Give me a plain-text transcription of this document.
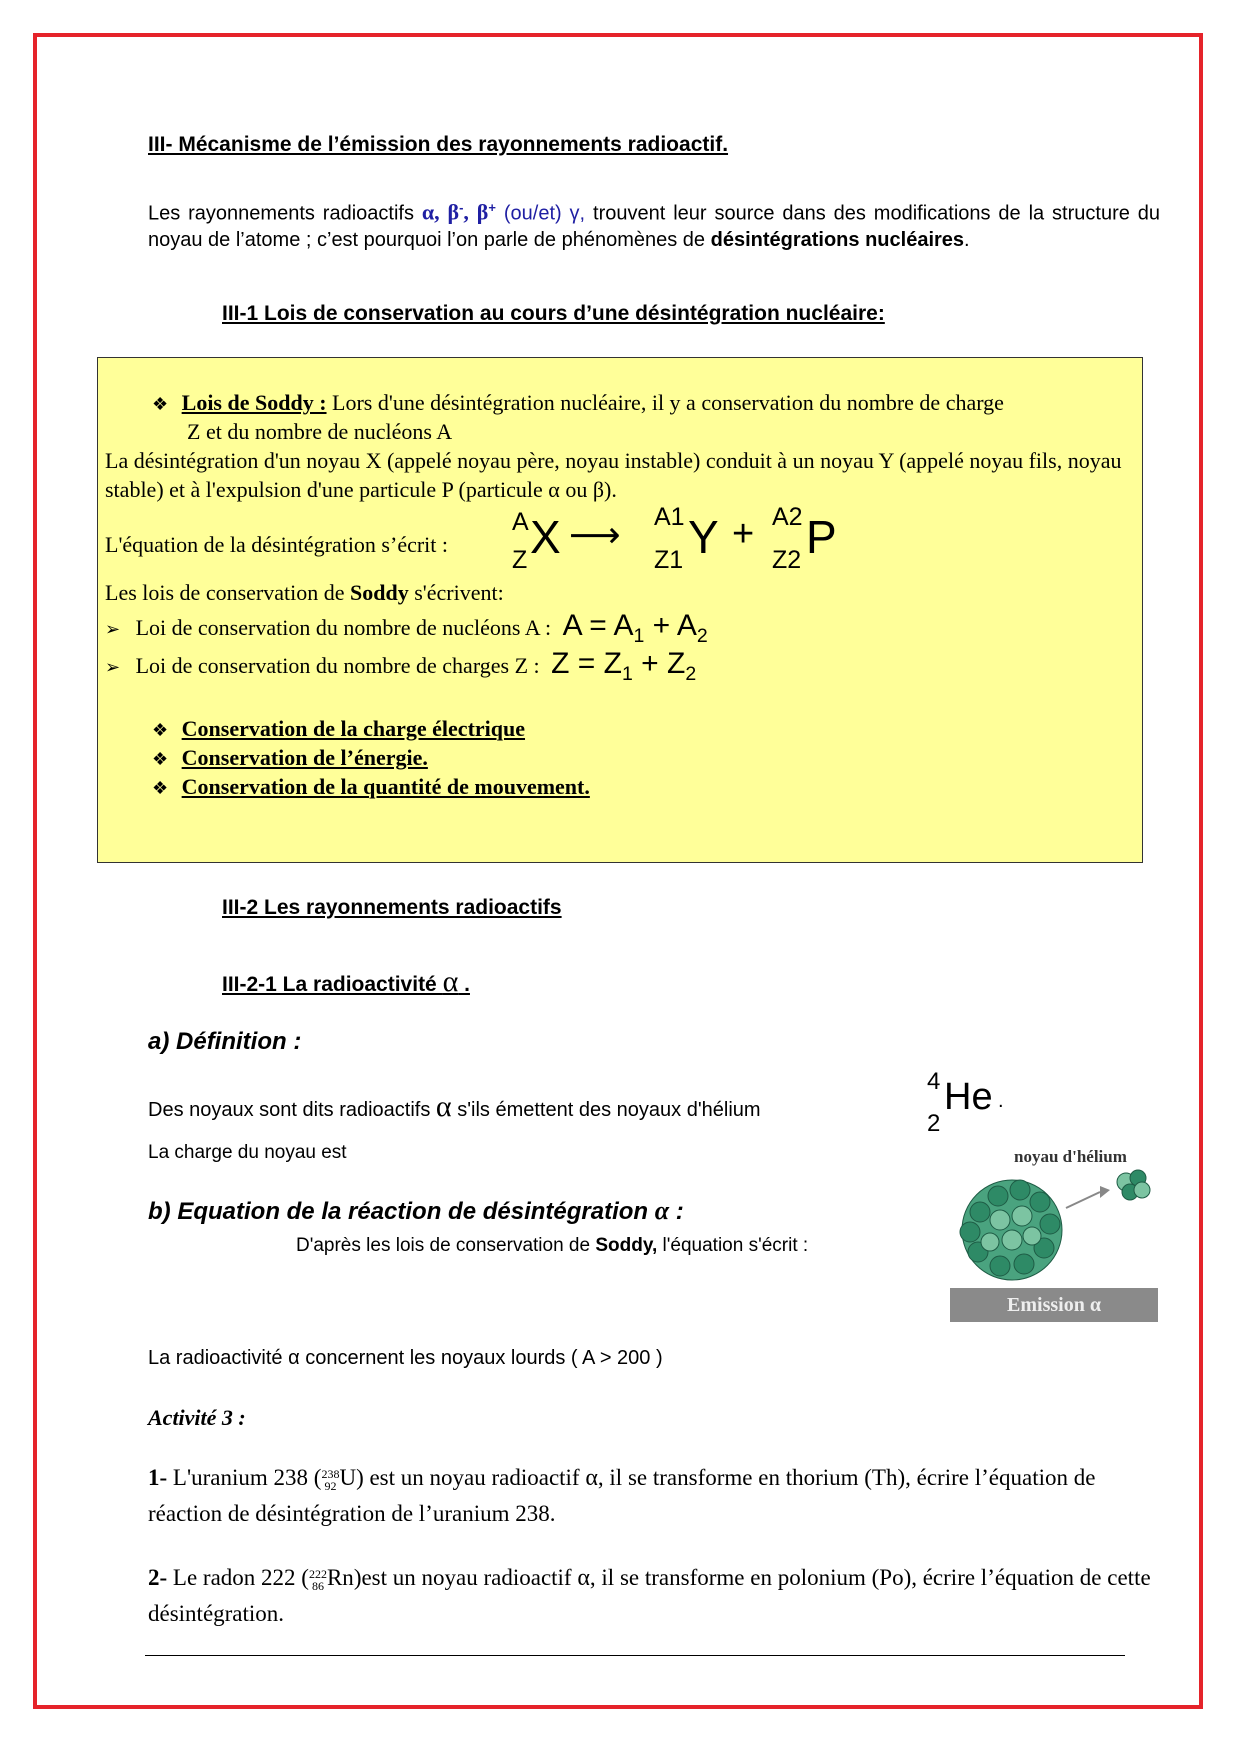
III- Mécanisme de l’émission des rayonnements radioactif.
Les rayonnements radioactifs α, β-, β+ (ou/et) γ, trouvent leur source dans des modifications de la structure du noyau de l’atome ; c’est pourquoi l’on parle de phénomènes de désintégrations nucléaires.
III-1 Lois de conservation au cours d’une désintégration nucléaire:
❖ Lois de Soddy : Lors d'une désintégration nucléaire, il y a conservation du nombre de charge
Z et du nombre de nucléons A
La désintégration d'un noyau X (appelé noyau père, noyau instable) conduit à un noyau Y (appelé noyau fils, noyau stable) et à l'expulsion d'une particule P (particule α ou β).
L'équation de la désintégration s’écrit :
A
Z X ⟶ A1
Z1 Y + A2
Z2 P
Les lois de conservation de Soddy s'écrivent:
➢ Loi de conservation du nombre de nucléons A : $A = A_1 + A_2$
➢ Loi de conservation du nombre de charges Z : $Z = Z_1 + Z_2$
❖ Conservation de la charge électrique
❖ Conservation de l’énergie.
❖ Conservation de la quantité de mouvement.
III-2 Les rayonnements radioactifs
III-2-1 La radioactivité α .
a) Définition :
Des noyaux sont dits radioactifs α s'ils émettent des noyaux d'hélium
4
2
He .
La charge du noyau est
b) Equation de la réaction de désintégration α :
D'après les lois de conservation de Soddy, l'équation s'écrit :
noyau d'hélium
Emission α
La radioactivité α concernent les noyaux lourds ( A > 200 )
Activité 3 :
1- L'uranium 238 (238
92 U) est un noyau radioactif α, il se transforme en thorium (Th), écrire l’équation de réaction de désintégration de l’uranium 238.
2- Le radon 222 (222
86 Rn)est un noyau radioactif α, il se transforme en polonium (Po), écrire l’équation de cette désintégration.
